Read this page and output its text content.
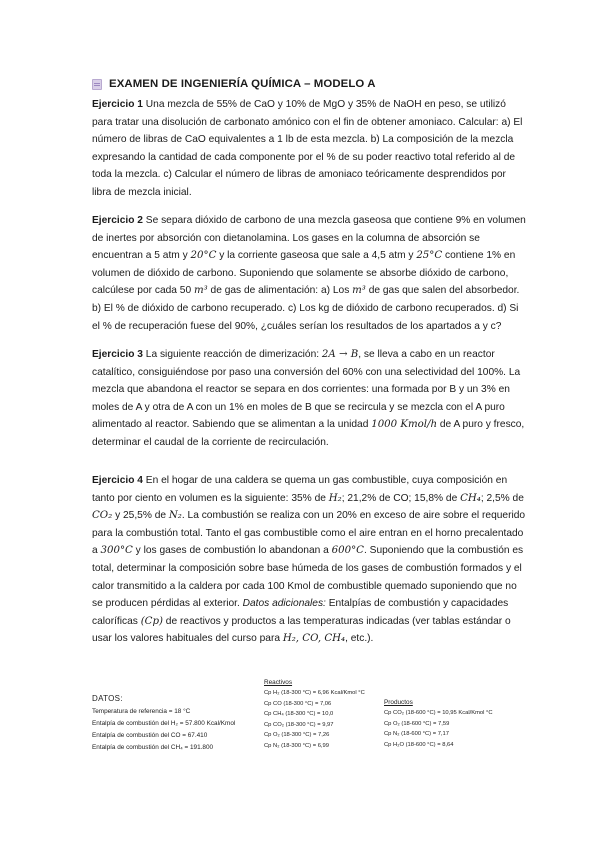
EXAMEN DE INGENIERÍA QUÍMICA – MODELO A
Ejercicio 1 Una mezcla de 55% de CaO y 10% de MgO y 35% de NaOH en peso, se utilizó para tratar una disolución de carbonato amónico con el fin de obtener amoniaco. Calcular: a) El número de libras de CaO equivalentes a 1 lb de esta mezcla. b) La composición de la mezcla expresando la cantidad de cada componente por el % de su poder reactivo total referido al de toda la mezcla. c) Calcular el número de libras de amoniaco teóricamente desprendidos por libra de mezcla inicial.
Ejercicio 2 Se separa dióxido de carbono de una mezcla gaseosa que contiene 9% en volumen de inertes por absorción con dietanolamina. Los gases en la columna de absorción se encuentran a 5 atm y 20°C y la corriente gaseosa que sale a 4,5 atm y 25°C contiene 1% en volumen de dióxido de carbono. Suponiendo que solamente se absorbe dióxido de carbono, calcúlese por cada 50 m³ de gas de alimentación: a) Los m³ de gas que salen del absorbedor. b) El % de dióxido de carbono recuperado. c) Los kg de dióxido de carbono recuperados. d) Si el % de recuperación fuese del 90%, ¿cuáles serían los resultados de los apartados a y c?
Ejercicio 3 La siguiente reacción de dimerización: 2A → B, se lleva a cabo en un reactor catalítico, consiguiéndose por paso una conversión del 60% con una selectividad del 100%. La mezcla que abandona el reactor se separa en dos corrientes: una formada por B y un 3% en moles de A y otra de A con un 1% en moles de B que se recircula y se mezcla con el A puro alimentado al reactor. Sabiendo que se alimentan a la unidad 1000 Kmol/h de A puro y fresco, determinar el caudal de la corriente de recirculación.
Ejercicio 4 En el hogar de una caldera se quema un gas combustible, cuya composición en tanto por ciento en volumen es la siguiente: 35% de H₂; 21,2% de CO; 15,8% de CH₄; 2,5% de CO₂ y 25,5% de N₂. La combustión se realiza con un 20% en exceso de aire sobre el requerido para la combustión total. Tanto el gas combustible como el aire entran en el horno precalentado a 300°C y los gases de combustión lo abandonan a 600°C. Suponiendo que la combustión es total, determinar la composición sobre base húmeda de los gases de combustión formados y el calor transmitido a la caldera por cada 100 Kmol de combustible quemado suponiendo que no se producen pérdidas al exterior. Datos adicionales: Entalpías de combustión y capacidades caloríficas (Cp) de reactivos y productos a las temperaturas indicadas (ver tablas estándar o usar los valores habituales del curso para H₂, CO, CH₄, etc.).
DATOS:
Temperatura de referencia = 18 °C
Entalpía de combustión del H₂ = 57.800 Kcal/Kmol
Entalpía de combustión del CO = 67.410
Entalpía de combustión del CH₄ = 191.800
Reactivos
Cp H₂ (18-300 °C) = 6,96 Kcal/Kmol °C
Cp CO (18-300 °C) = 7,06
Cp CH₄ (18-300 °C) = 10,0
Cp CO₂ (18-300 °C) = 9,97
Cp O₂ (18-300 °C) = 7,26
Cp N₂ (18-300 °C) = 6,99
Productos
Cp CO₂ (18-600 °C) = 10,95 Kcal/Kmol °C
Cp O₂ (18-600 °C) = 7,59
Cp N₂ (18-600 °C) = 7,17
Cp H₂O (18-600 °C) = 8,64
